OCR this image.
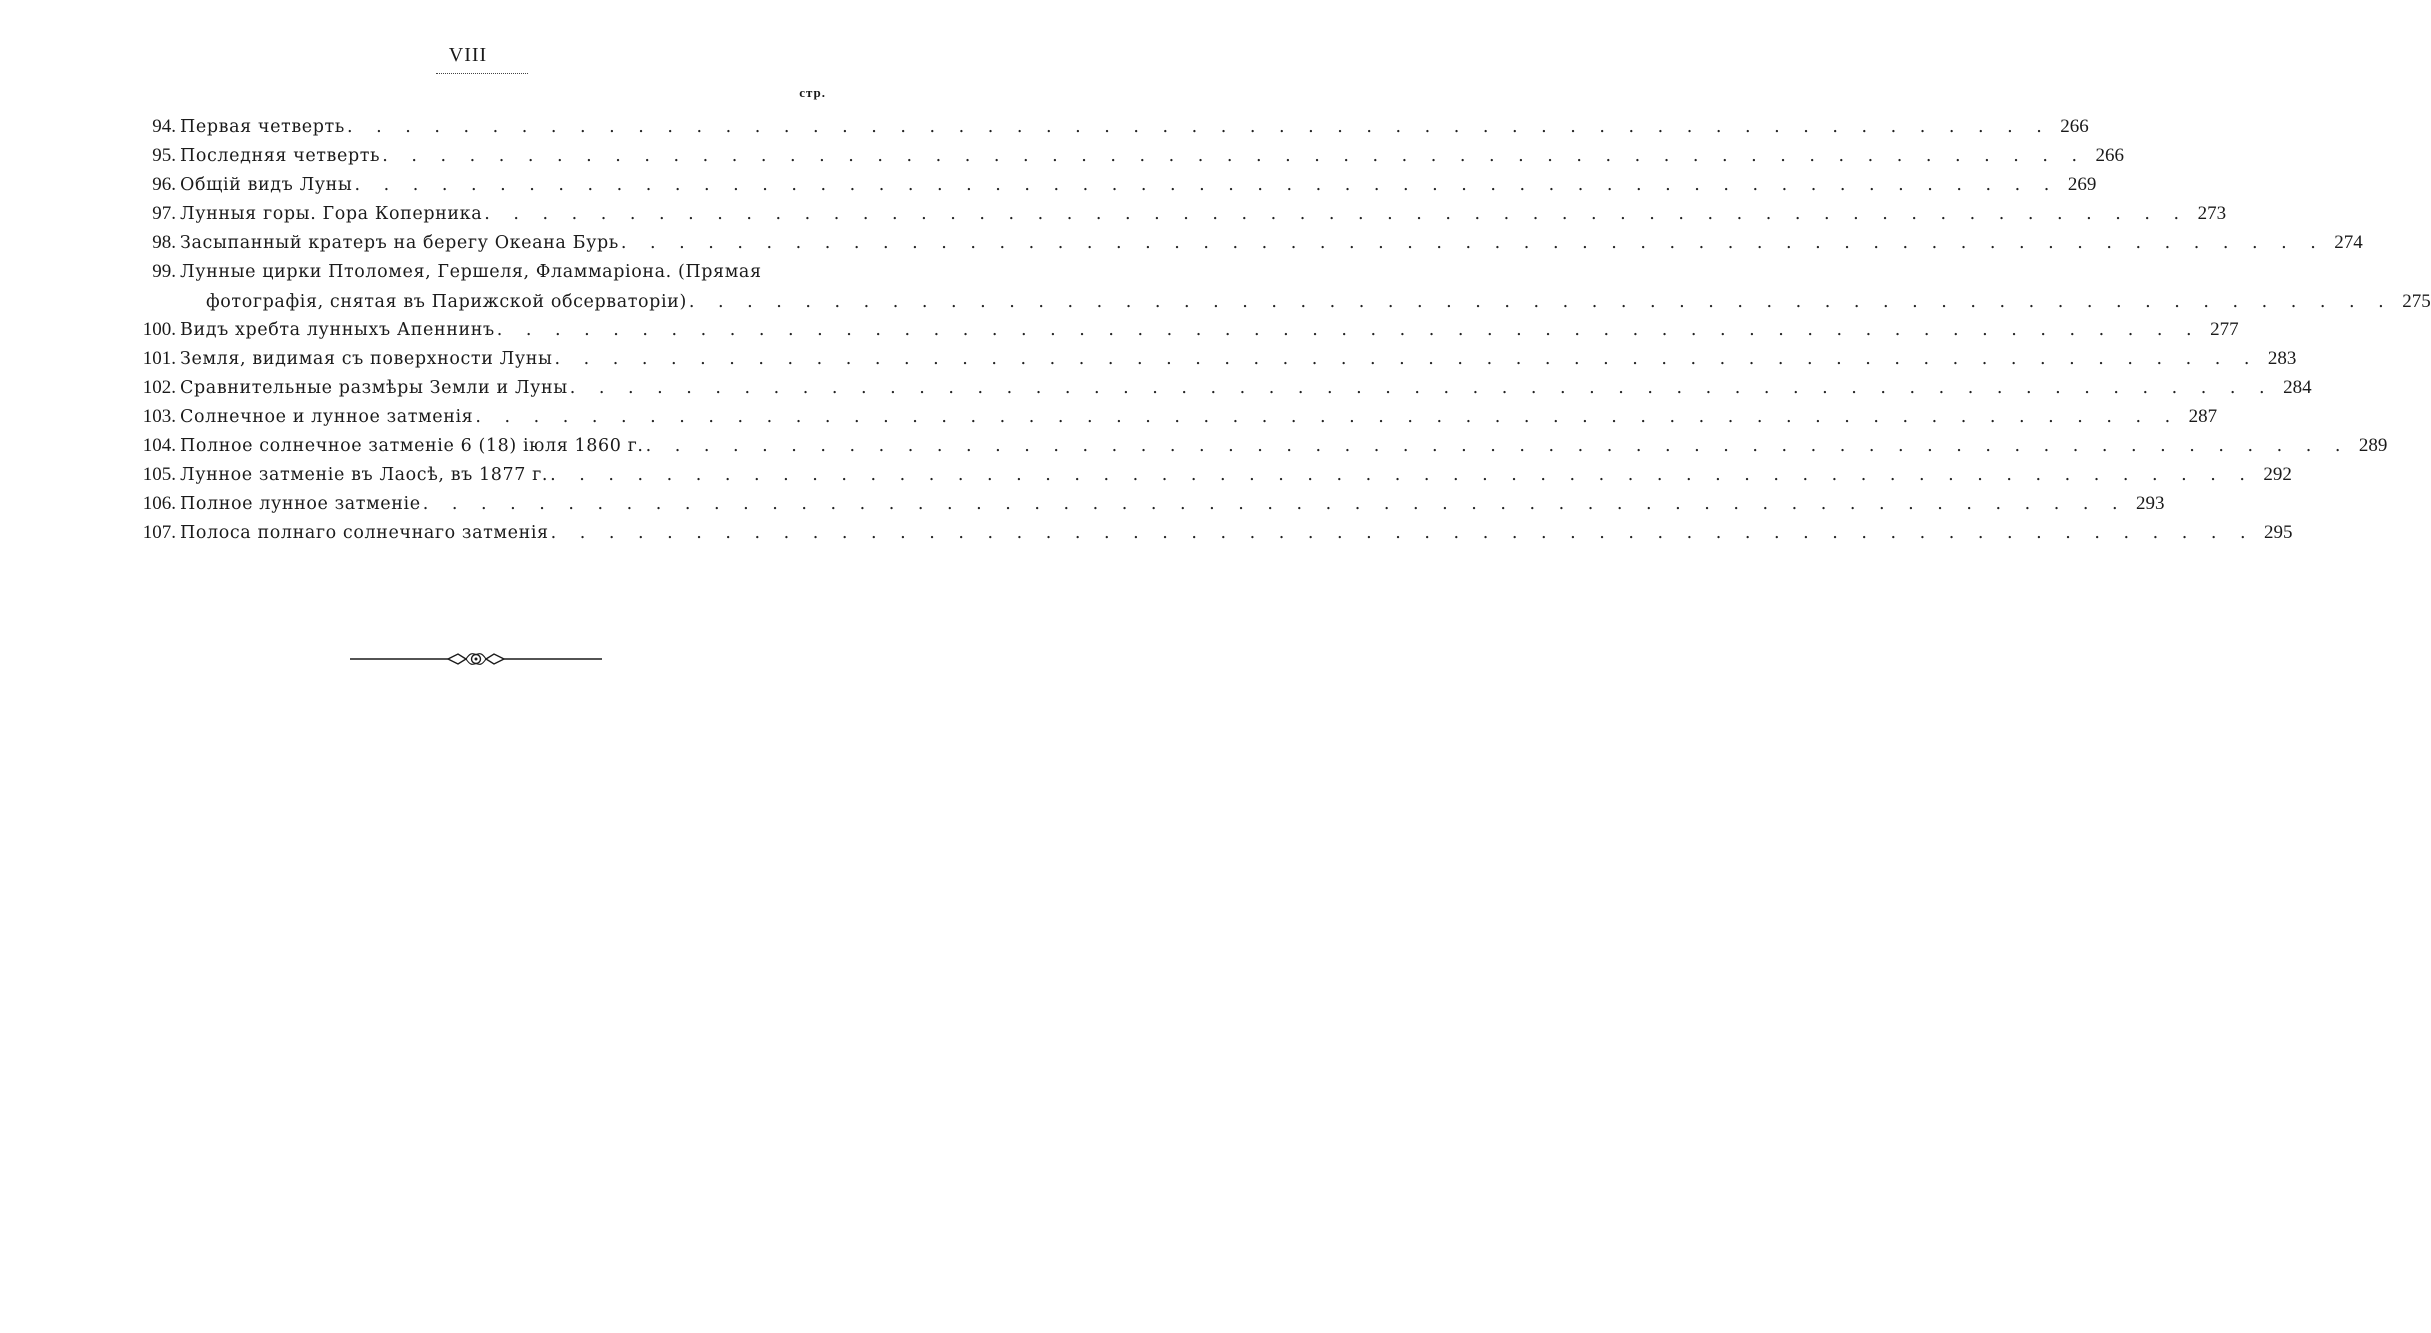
VIII
стр.
94. Первая четверть . . .	266
95. Последняя четверть . . .	266
96. Общій видъ Луны . . .	269
97. Лунныя горы. Гора Коперника . . .	273
98. Засыпанный кратеръ на берегу Океана Бурь . . .	274
99. Лунные цирки Птоломея, Гершеля, Фламмаріона. (Прямая
фотографія, снятая въ Парижской обсерваторіи) . . .	275
100. Видъ хребта лунныхъ Апеннинъ . . .	277
101. Земля, видимая съ поверхности Луны . . .	283
102. Сравнительные размѣры Земли и Луны . . .	284
103. Солнечное и лунное затменія . . .	287
104. Полное солнечное затменіе 6 (18) іюля 1860 г. . . .	289
105. Лунное затменіе въ Лаосѣ, въ 1877 г. . . .	292
106. Полное лунное затменіе . . .	293
107. Полоса полнаго солнечнаго затменія . . .	295
